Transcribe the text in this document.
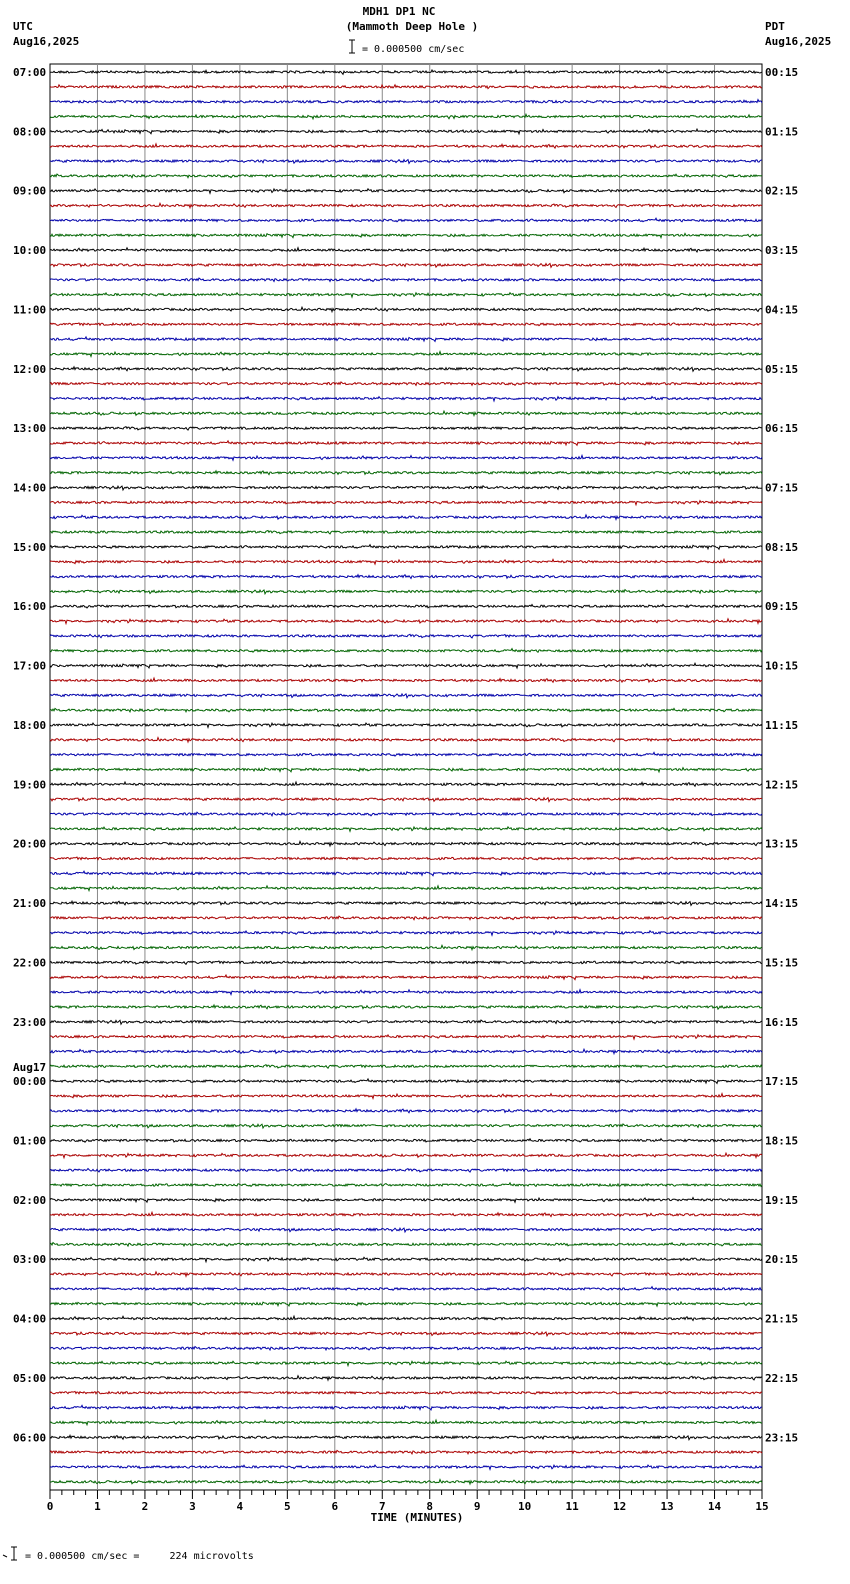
MDH1 DP1 NC
(Mammoth Deep Hole )
= 0.000500 cm/sec
UTC
Aug16,2025
PDT
Aug16,2025
07:00
08:00
09:00
10:00
11:00
12:00
13:00
14:00
15:00
16:00
17:00
18:00
19:00
20:00
21:00
22:00
23:00
00:00
01:00
02:00
03:00
04:00
05:00
06:00
Aug17
00:15
01:15
02:15
03:15
04:15
05:15
06:15
07:15
08:15
09:15
10:15
11:15
12:15
13:15
14:15
15:15
16:15
17:15
18:15
19:15
20:15
21:15
22:15
23:15
0	1	2	3	4	5	6	7	8	9	10	11	12	13	14	15
TIME (MINUTES)
= 0.000500 cm/sec =     224 microvolts
